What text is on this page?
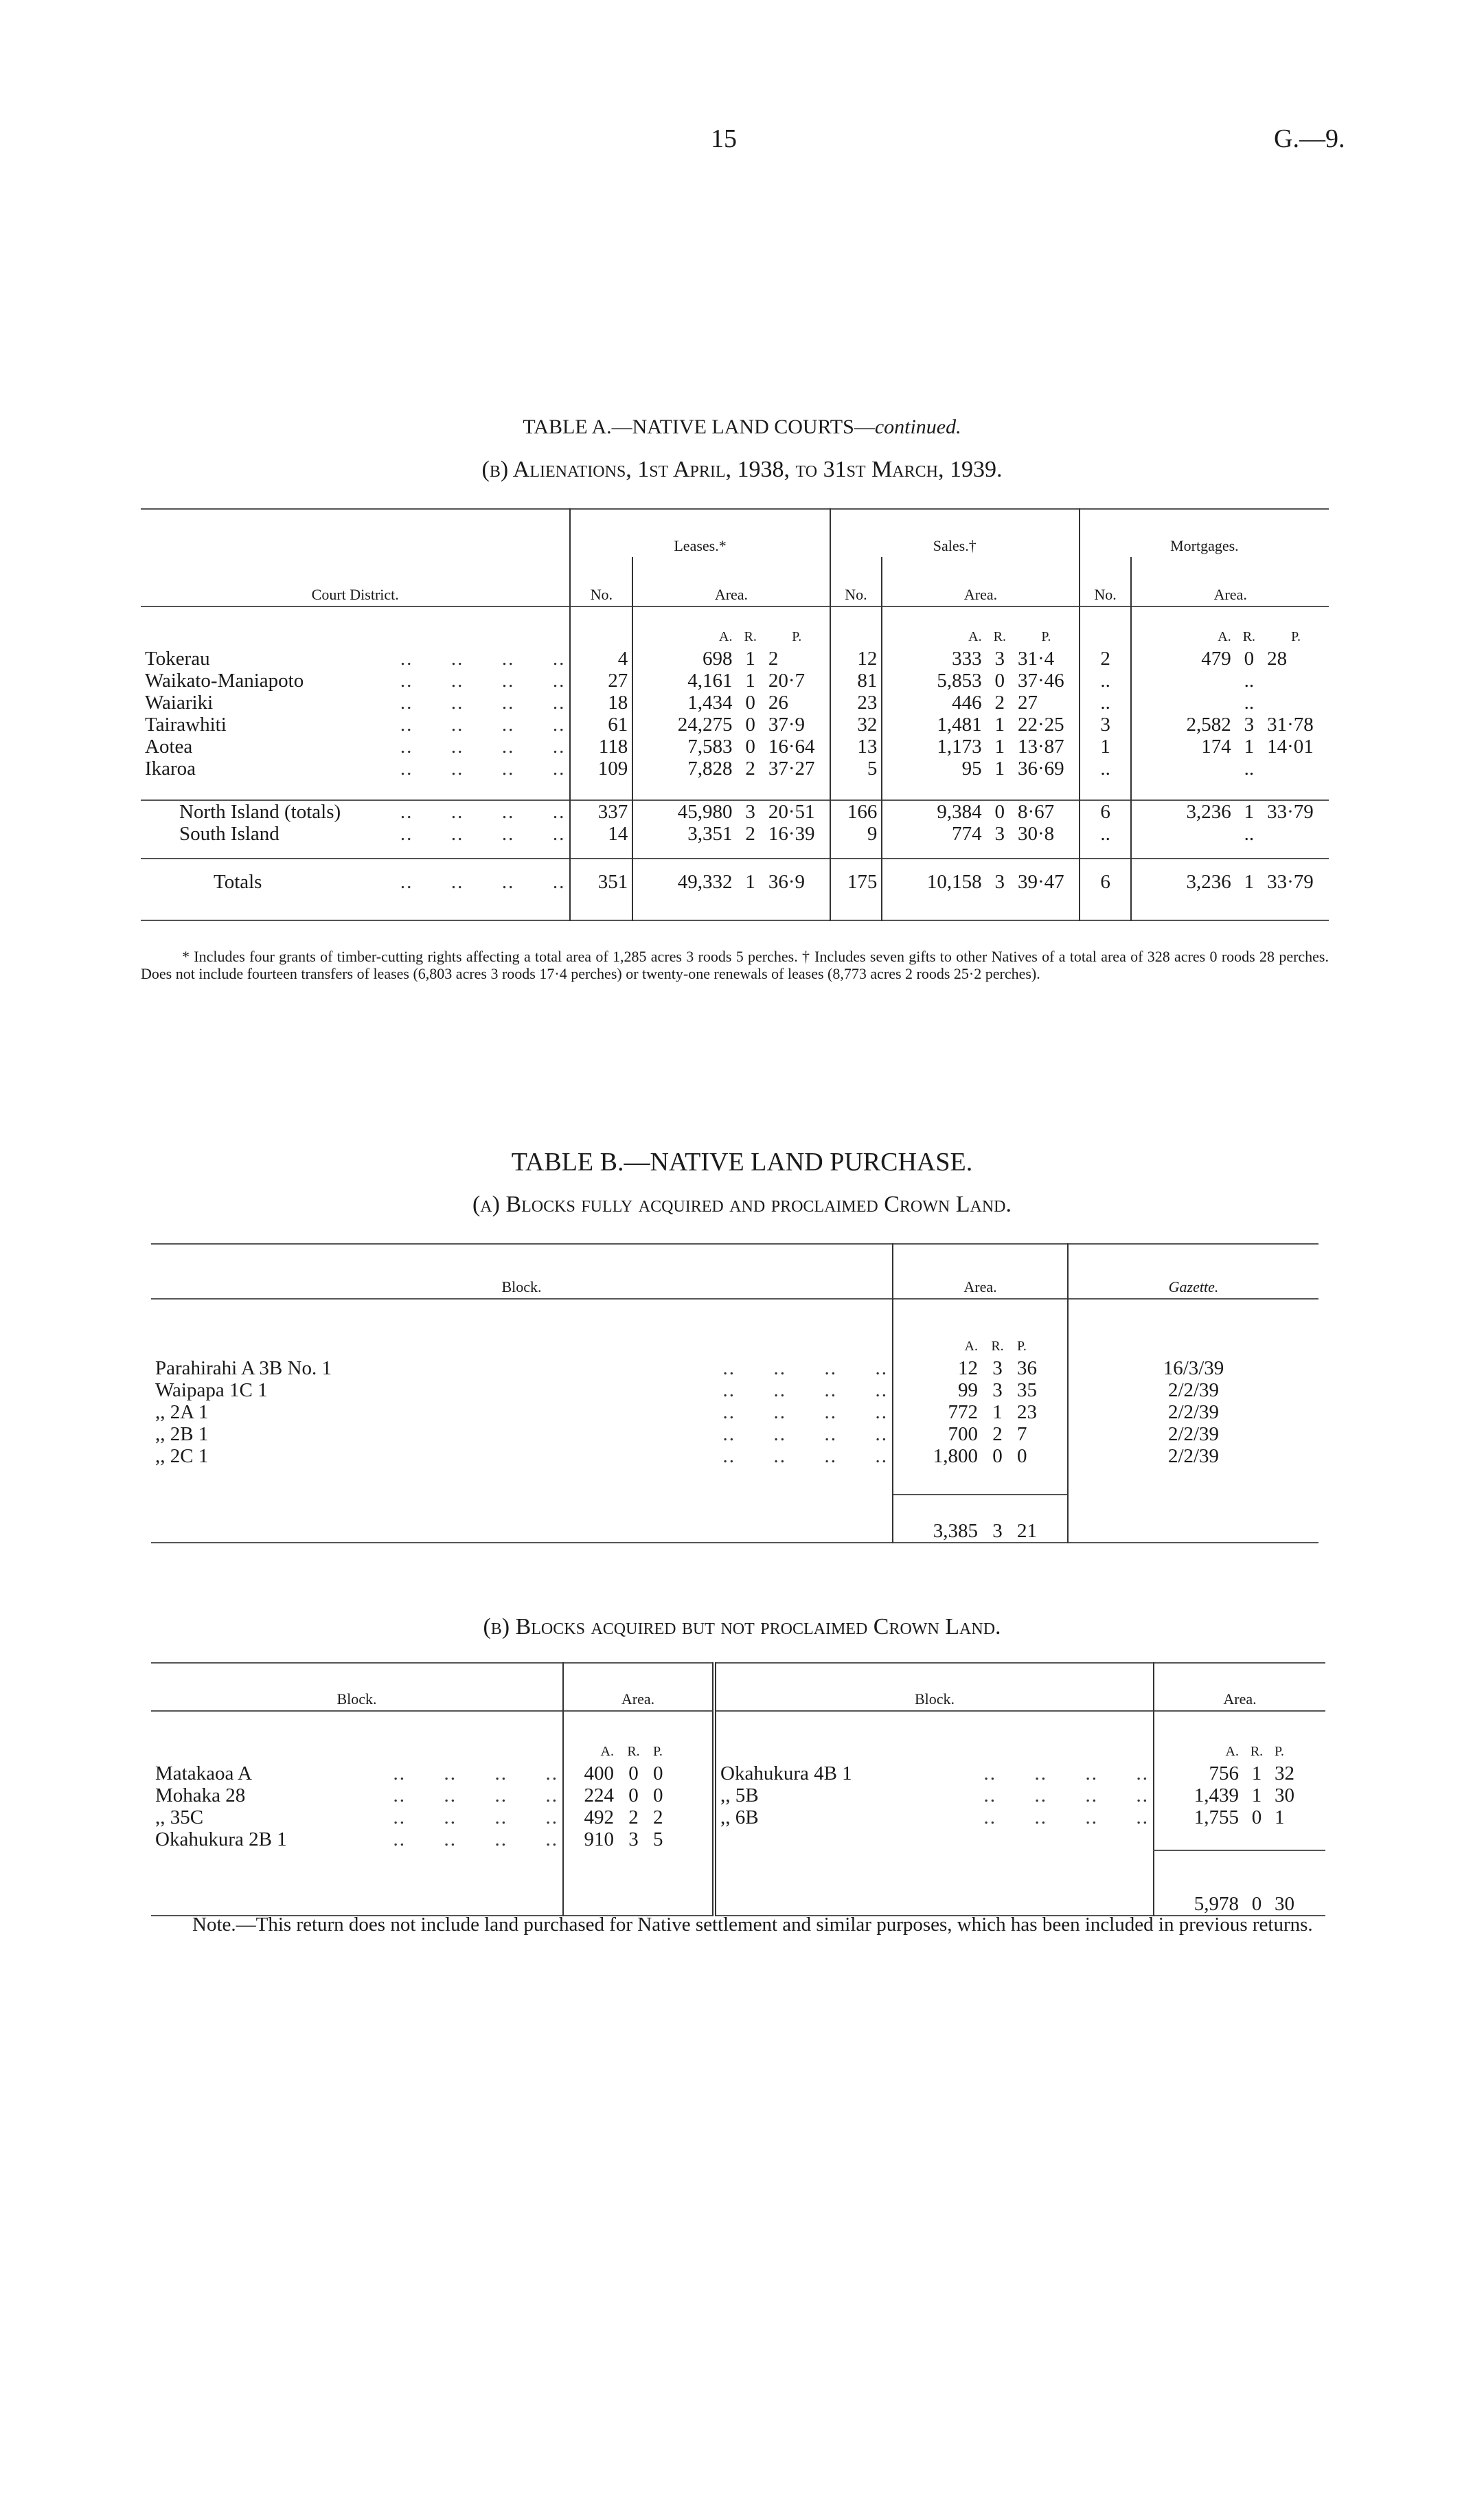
15	G.—9.
TABLE A.—NATIVE LAND COURTS—continued.
(b) Alienations, 1st April, 1938, to 31st March, 1939.
Court District.	Leases.*				Sales.†				Mortgages.			
	No.	Area.			No.	Area.			No.	Area.		
		A.	R.	P.		A.	R.	P.		A.	R.	P.

Tokerau ..      ..      ..      ..	4	698	1	2	12	333	3	31·4	2	479	0	28

Waikato-Maniapoto ..      ..      ..      ..	27	4,161	1	20·7	81	5,853	0	37·46	..		..	

Waiariki ..      ..      ..      ..	18	1,434	0	26	23	446	2	27	..		..	

Tairawhiti ..      ..      ..      ..	61	24,275	0	37·9	32	1,481	1	22·25	3	2,582	3	31·78

Aotea ..      ..      ..      ..	118	7,583	0	16·64	13	1,173	1	13·87	1	174	1	14·01

Ikaroa ..      ..      ..      ..	109	7,828	2	37·27	5	95	1	36·69	..		..	

North Island (totals) ..      ..      ..      ..	337	45,980	3	20·51	166	9,384	0	8·67	6	3,236	1	33·79

South Island ..      ..      ..      ..	14	3,351	2	16·39	9	774	3	30·8	..		..	

Totals ..      ..      ..      ..	351	49,332	1	36·9	175	10,158	3	39·47	6	3,236	1	33·79

* Includes four grants of timber-cutting rights affecting a total area of 1,285 acres 3 roods 5 perches. † Includes seven gifts to other Natives of a total area of 328 acres 0 roods 28 perches. Does not include fourteen transfers of leases (6,803 acres 3 roods 17·4 perches) or twenty-one renewals of leases (8,773 acres 2 roods 25·2 perches).
TABLE B.—NATIVE LAND PURCHASE.
(a) Blocks fully acquired and proclaimed Crown Land.
Block.	Area.			Gazette.
	A.	R.	P.	

Parahirahi A 3B No. 1 ..      ..      ..      ..	12	3	36	16/3/39

Waipapa 1C 1 ..      ..      ..      ..	99	3	35	2/2/39

,, 2A 1 ..      ..      ..      ..	772	1	23	2/2/39

,, 2B 1 ..      ..      ..      ..	700	2	7	2/2/39

,, 2C 1 ..      ..      ..      ..	1,800	0	0	2/2/39

	3,385	3	21	
(b) Blocks acquired but not proclaimed Crown Land.
Block.	Area.			Block.	Area.		
	A.	R.	P.		A.	R.	P.

Matakaoa A ..      ..      ..      ..	400	0	0	Okahukura 4B 1 ..      ..      ..      ..	756	1	32

Mohaka 28 ..      ..      ..      ..	224	0	0	,, 5B ..      ..      ..      ..	1,439	1	30

,, 35C ..      ..      ..      ..	492	2	2	,, 6B ..      ..      ..      ..	1,755	0	1

Okahukura 2B 1 ..      ..      ..      ..	910	3	5				
					5,978	0	30
Note.—This return does not include land purchased for Native settlement and similar purposes, which has been included in previous returns.
